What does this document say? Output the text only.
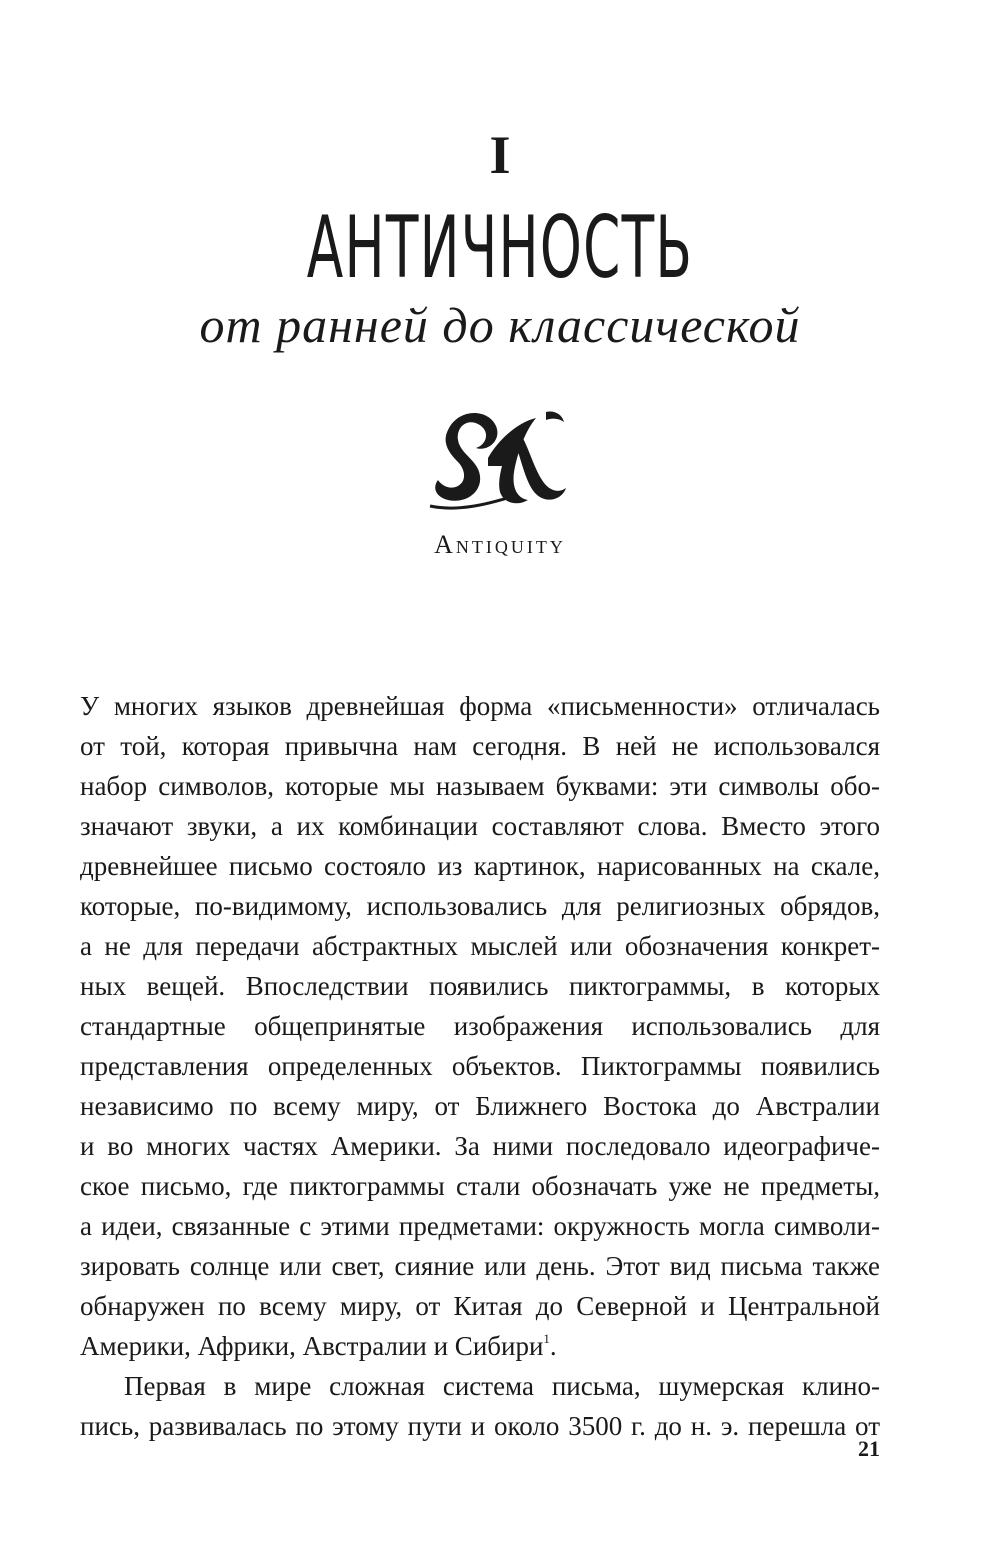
I
АНТИЧНОСТЬ
от ранней до классической
Antiquity

У многих языков древнейшая форма «письменности» отличалась
от той, которая привычна нам сегодня. В ней не использовался
набор символов, которые мы называем буквами: эти символы обо-
значают звуки, а их комбинации составляют слова. Вместо этого
древнейшее письмо состояло из картинок, нарисованных на скале,
которые, по-видимому, использовались для религиозных обрядов,
а не для передачи абстрактных мыслей или обозначения конкрет-
ных вещей. Впоследствии появились пиктограммы, в которых
стандартные общепринятые изображения использовались для
представления определенных объектов. Пиктограммы появились
независимо по всему миру, от Ближнего Востока до Австралии
и во многих частях Америки. За ними последовало идеографиче-
ское письмо, где пиктограммы стали обозначать уже не предметы,
а идеи, связанные с этими предметами: окружность могла символи-
зировать солнце или свет, сияние или день. Этот вид письма также
обнаружен по всему миру, от Китая до Северной и Центральной
Америки, Африки, Австралии и Сибири$^1$.

Первая в мире сложная система письма, шумерская клино-
пись, развивалась по этому пути и около 3500 г. до н. э. перешла от

21
